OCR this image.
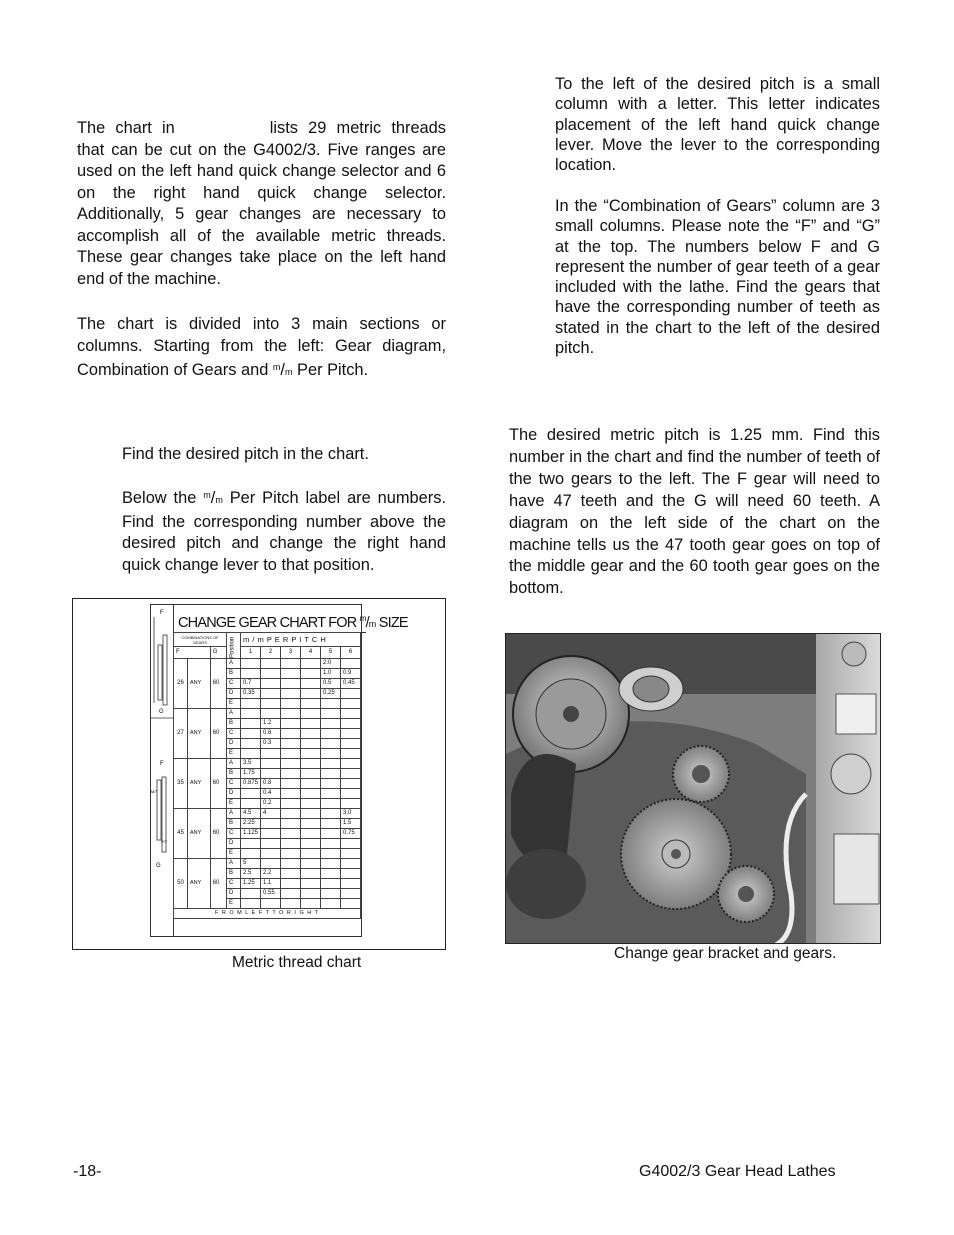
The chart in	lists 29 metric threads that can be cut on the G4002/3. Five ranges are used on the left hand quick change selector and 6 on the right hand quick change selector. Additionally, 5 gear changes are necessary to accomplish all of the available metric threads. These gear changes take place on the left hand end of the machine.

The chart is divided into 3 main sections or columns. Starting from the left: Gear diagram, Combination of Gears and $^m$/m Per Pitch.

Find the desired pitch in the chart.

Below the $^m$/m Per Pitch label are numbers. Find the corresponding number above the desired pitch and change the right hand quick change lever to that position.

F
G
F
M/T
P/T
G
CHANGE GEAR CHART FOR $^m$/m SIZE
COMBINATIONS OF GEARS			Position	m / m P E R P I T C H					
F		G		1	2	3	4	5	6
26	ANY	60	A					2.0	
			B					1.0	0.9
			C	0.7				0.5	0.45
			D	0.35				0.25	
			E						
27	ANY	60	A						
			B		1.2				
			C		0.6				
			D		0.3				
			E						
35	ANY	60	A	3.5					
			B	1.75					
			C	0.875	0.8				
			D		0.4				
			E		0.2				
45	ANY	60	A	4.5	4				3.0
			B	2.25					1.5
			C	1.125					0.75
			D						
			E						
50	ANY	60	A	5					
			B	2.5	2.2				
			C	1.25	1.1				
			D		0.55				
			E						
F R O M L E F T T O R I G H T									
Metric thread chart

To the left of the desired pitch is a small column with a letter. This letter indicates placement of the left hand quick change lever. Move the lever to the corresponding location.

In the “Combination of Gears” column are 3 small columns. Please note the “F” and “G” at the top. The numbers below F and G represent the number of gear teeth of a gear included with the lathe. Find the gears that have the corresponding number of teeth as stated in the chart to the left of the desired pitch.

The desired metric pitch is 1.25 mm. Find this number in the chart and find the number of teeth of the two gears to the left. The F gear will need to have 47 teeth and the G will need 60 teeth. A diagram on the left side of the chart on the machine tells us the 47 tooth gear goes on top of the middle gear and the 60 tooth gear goes on the bottom.

Change gear bracket and gears.
-18-	G4002/3 Gear Head Lathes
